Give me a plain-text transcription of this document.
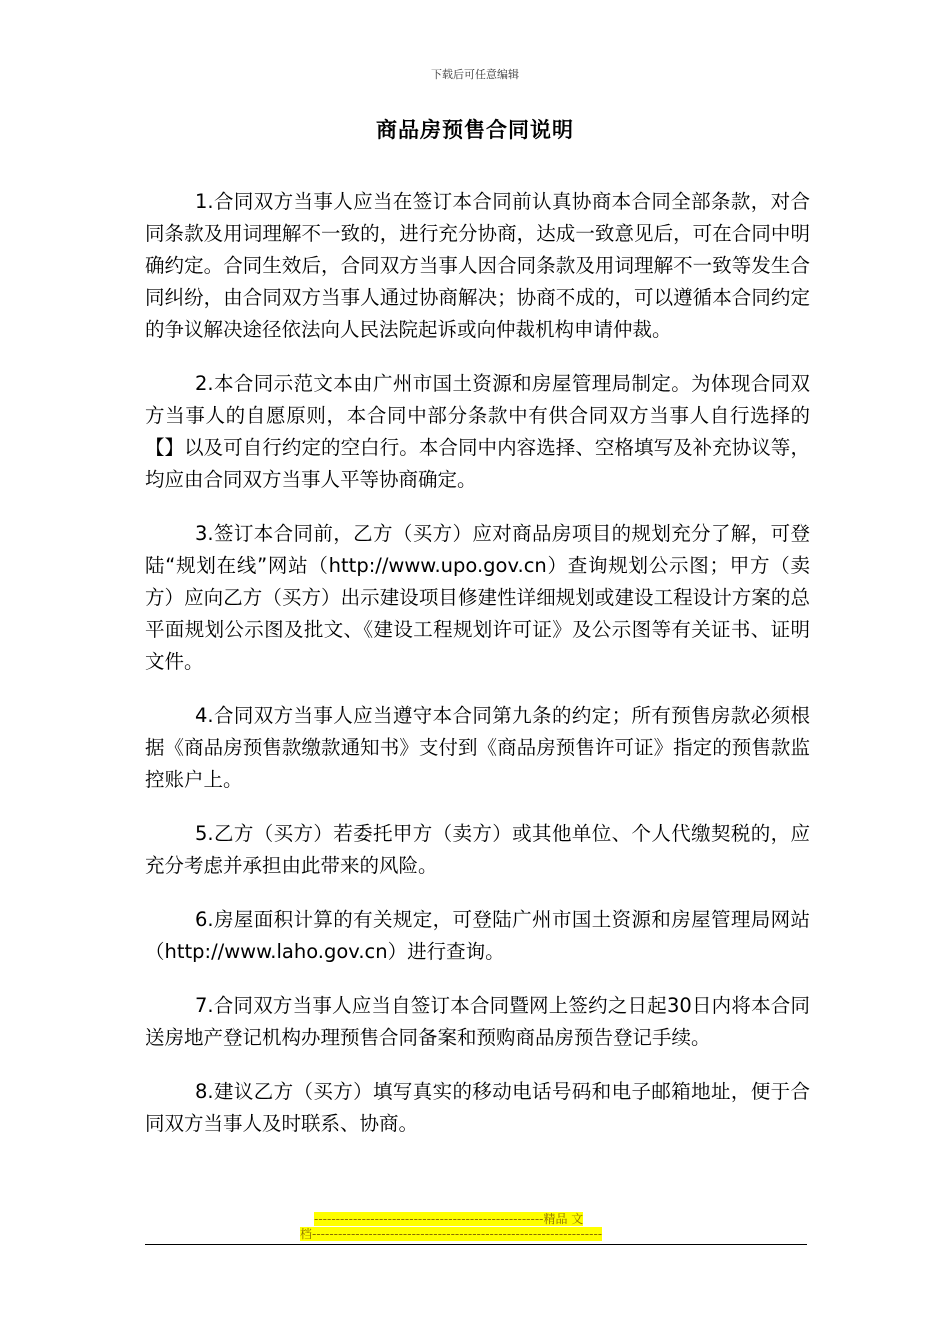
下载后可任意编辑
商品房预售合同说明

1.合同双方当事人应当在签订本合同前认真协商本合同全部条款，对合同条款及用词理解不一致的，进行充分协商，达成一致意见后，可在合同中明确约定。合同生效后，合同双方当事人因合同条款及用词理解不一致等发生合同纠纷，由合同双方当事人通过协商解决；协商不成的，可以遵循本合同约定的争议解决途径依法向人民法院起诉或向仲裁机构申请仲裁。

2.本合同示范文本由广州市国土资源和房屋管理局制定。为体现合同双方当事人的自愿原则，本合同中部分条款中有供合同双方当事人自行选择的【】以及可自行约定的空白行。本合同中内容选择、空格填写及补充协议等，均应由合同双方当事人平等协商确定。

3.签订本合同前，乙方（买方）应对商品房项目的规划充分了解，可登陆“规划在线”网站（http://www.upo.gov.cn）查询规划公示图；甲方（卖方）应向乙方（买方）出示建设项目修建性详细规划或建设工程设计方案的总平面规划公示图及批文、《建设工程规划许可证》及公示图等有关证书、证明文件。

4.合同双方当事人应当遵守本合同第九条的约定；所有预售房款必须根据《商品房预售款缴款通知书》支付到《商品房预售许可证》指定的预售款监控账户上。

5.乙方（买方）若委托甲方（卖方）或其他单位、个人代缴契税的，应充分考虑并承担由此带来的风险。

6.房屋面积计算的有关规定，可登陆广州市国土资源和房屋管理局网站（http://www.laho.gov.cn）进行查询。

7.合同双方当事人应当自签订本合同暨网上签约之日起30日内将本合同送房地产登记机构办理预售合同备案和预购商品房预告登记手续。

8.建议乙方（买方）填写真实的移动电话号码和电子邮箱地址，便于合同双方当事人及时联系、协商。

-----------------------------------------------------精品 文
档-------------------------------------------------------------------
